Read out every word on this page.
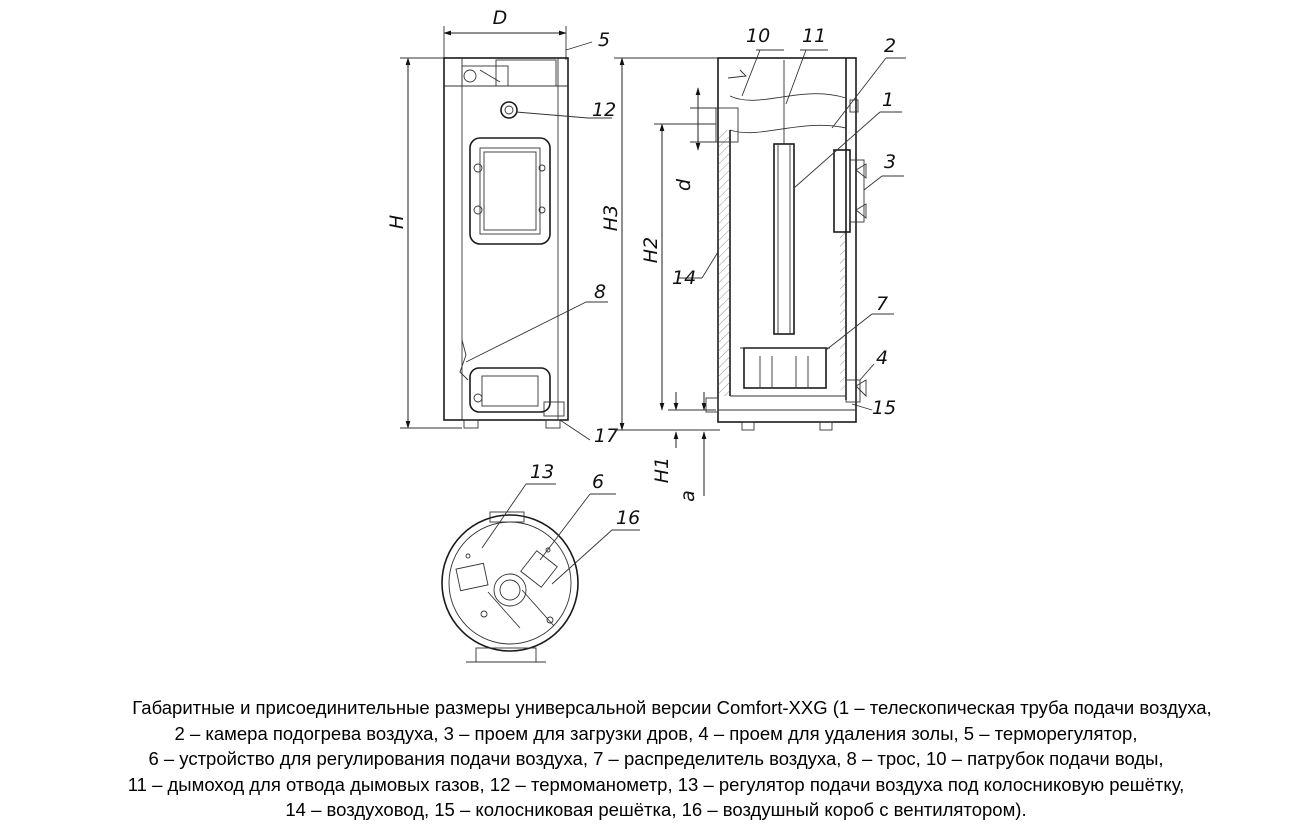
D
H
5
12
8
17
H3
H2
d
H1
a
10 11	2
1
3
14
7
4
15
13 6
16
Габаритные и присоединительные размеры универсальной версии Comfort-XXG (1 – телескопическая труба подачи воздуха,
2 – камера подогрева воздуха, 3 – проем для загрузки дров, 4 – проем для удаления золы, 5 – терморегулятор,
6 – устройство для регулирования подачи воздуха, 7 – распределитель воздуха, 8 – трос, 10 – патрубок подачи воды,
11 – дымоход для отвода дымовых газов, 12 – термоманометр, 13 – регулятор подачи воздуха под колосниковую решётку,
14 – воздуховод, 15 – колосниковая решётка, 16 – воздушный короб с вентилятором).
